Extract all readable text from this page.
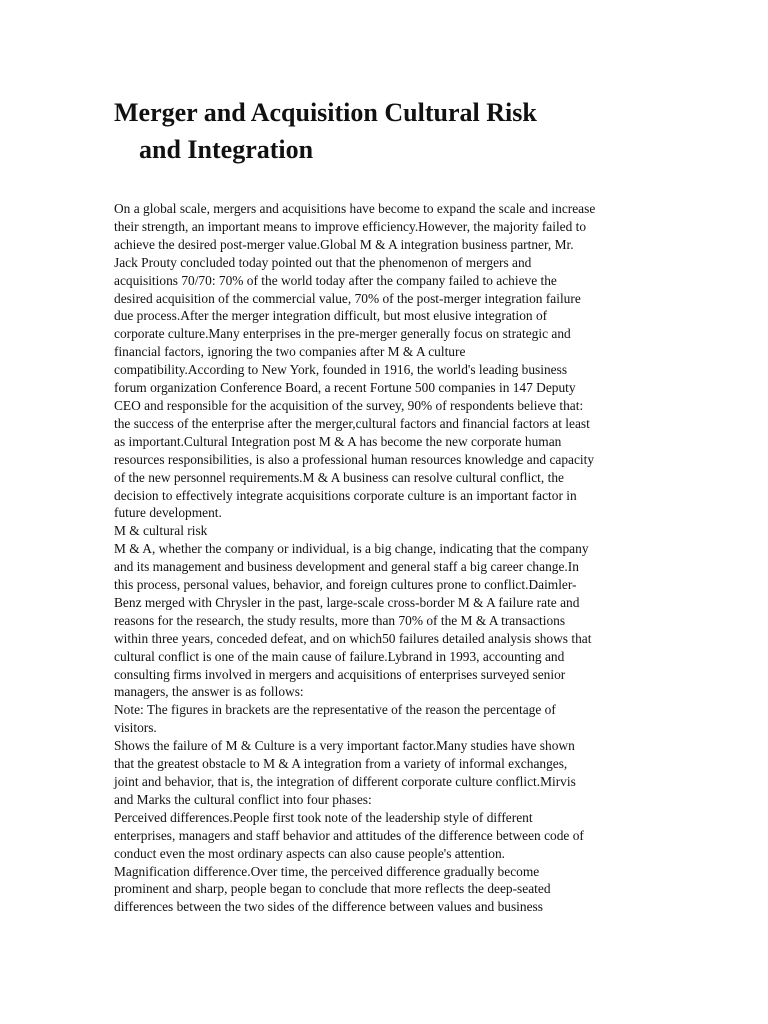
Merger and Acquisition Cultural Risk
and Integration

On a global scale, mergers and acquisitions have become to expand the scale and increase
their strength, an important means to improve efficiency.However, the majority failed to
achieve the desired post-merger value.Global M & A integration business partner, Mr.
Jack Prouty concluded today pointed out that the phenomenon of mergers and
acquisitions 70/70: 70% of the world today after the company failed to achieve the
desired acquisition of the commercial value, 70% of the post-merger integration failure
due process.After the merger integration difficult, but most elusive integration of
corporate culture.Many enterprises in the pre-merger generally focus on strategic and
financial factors, ignoring the two companies after M & A culture
compatibility.According to New York, founded in 1916, the world's leading business
forum organization Conference Board, a recent Fortune 500 companies in 147 Deputy
CEO and responsible for the acquisition of the survey, 90% of respondents believe that:
the success of the enterprise after the merger,cultural factors and financial factors at least
as important.Cultural Integration post M & A has become the new corporate human
resources responsibilities, is also a professional human resources knowledge and capacity
of the new personnel requirements.M & A business can resolve cultural conflict, the
decision to effectively integrate acquisitions corporate culture is an important factor in
future development.

M & cultural risk

M & A, whether the company or individual, is a big change, indicating that the company
and its management and business development and general staff a big career change.In
this process, personal values, behavior, and foreign cultures prone to conflict.Daimler-
Benz merged with Chrysler in the past, large-scale cross-border M & A failure rate and
reasons for the research, the study results, more than 70% of the M & A transactions
within three years, conceded defeat, and on which50 failures detailed analysis shows that
cultural conflict is one of the main cause of failure.Lybrand in 1993, accounting and
consulting firms involved in mergers and acquisitions of enterprises surveyed senior
managers, the answer is as follows:

Note: The figures in brackets are the representative of the reason the percentage of
visitors.

Shows the failure of M & Culture is a very important factor.Many studies have shown
that the greatest obstacle to M & A integration from a variety of informal exchanges,
joint and behavior, that is, the integration of different corporate culture conflict.Mirvis
and Marks the cultural conflict into four phases:

Perceived differences.People first took note of the leadership style of different
enterprises, managers and staff behavior and attitudes of the difference between code of
conduct even the most ordinary aspects can also cause people's attention.

Magnification difference.Over time, the perceived difference gradually become
prominent and sharp, people began to conclude that more reflects the deep-seated
differences between the two sides of the difference between values and business
